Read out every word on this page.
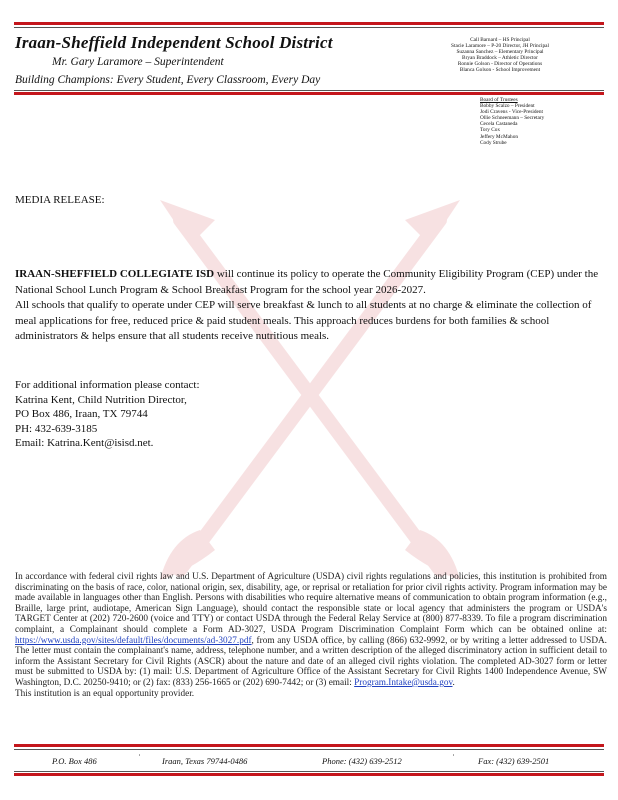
Iraan-Sheffield Independent School District
Mr. Gary Laramore – Superintendent
Building Champions: Every Student, Every Classroom, Every Day
Call Barnard – HS Principal
Stacie Laramore – P-20 Director, JH Principal
Suzanna Sanchez – Elementary Principal
Bryan Braddock – Athletic Director
Ronnie Golson - Director of Operations
Blanca Golson - School Improvement
Board of Trustees
Bobby Scalzo – President
Jodi Cravens - Vice-President
Ollie Schneemann – Secretary
Cecela Castaneda
Tory Cox
Jeffery McMahon
Cody Strube
MEDIA RELEASE:
IRAAN-SHEFFIELD COLLEGIATE ISD will continue its policy to operate the Community Eligibility Program (CEP) under the National School Lunch Program & School Breakfast Program for the school year 2026-2027.
All schools that qualify to operate under CEP will serve breakfast & lunch to all students at no charge & eliminate the collection of meal applications for free, reduced price & paid student meals. This approach reduces burdens for both families & school administrators & helps ensure that all students receive nutritious meals.
For additional information please contact:
Katrina Kent, Child Nutrition Director,
PO Box 486, Iraan, TX 79744
PH: 432-639-3185
Email: Katrina.Kent@isisd.net.
In accordance with federal civil rights law and U.S. Department of Agriculture (USDA) civil rights regulations and policies, this institution is prohibited from discriminating on the basis of race, color, national origin, sex, disability, age, or reprisal or retaliation for prior civil rights activity. Program information may be made available in languages other than English. Persons with disabilities who require alternative means of communication to obtain program information (e.g., Braille, large print, audiotape, American Sign Language), should contact the responsible state or local agency that administers the program or USDA's TARGET Center at (202) 720-2600 (voice and TTY) or contact USDA through the Federal Relay Service at (800) 877-8339. To file a program discrimination complaint, a Complainant should complete a Form AD-3027, USDA Program Discrimination Complaint Form which can be obtained online at: https://www.usda.gov/sites/default/files/documents/ad-3027.pdf, from any USDA office, by calling (866) 632-9992, or by writing a letter addressed to USDA. The letter must contain the complainant's name, address, telephone number, and a written description of the alleged discriminatory action in sufficient detail to inform the Assistant Secretary for Civil Rights (ASCR) about the nature and date of an alleged civil rights violation. The completed AD-3027 form or letter must be submitted to USDA by: (1) mail: U.S. Department of Agriculture Office of the Assistant Secretary for Civil Rights 1400 Independence Avenue, SW Washington, D.C. 20250-9410; or (2) fax: (833) 256-1665 or (202) 690-7442; or (3) email: Program.Intake@usda.gov.
This institution is an equal opportunity provider.
P.O. Box 486	˙ Iraan, Texas 79744-0486	Phone: (432) 639-2512	˙	Fax: (432) 639-2501
